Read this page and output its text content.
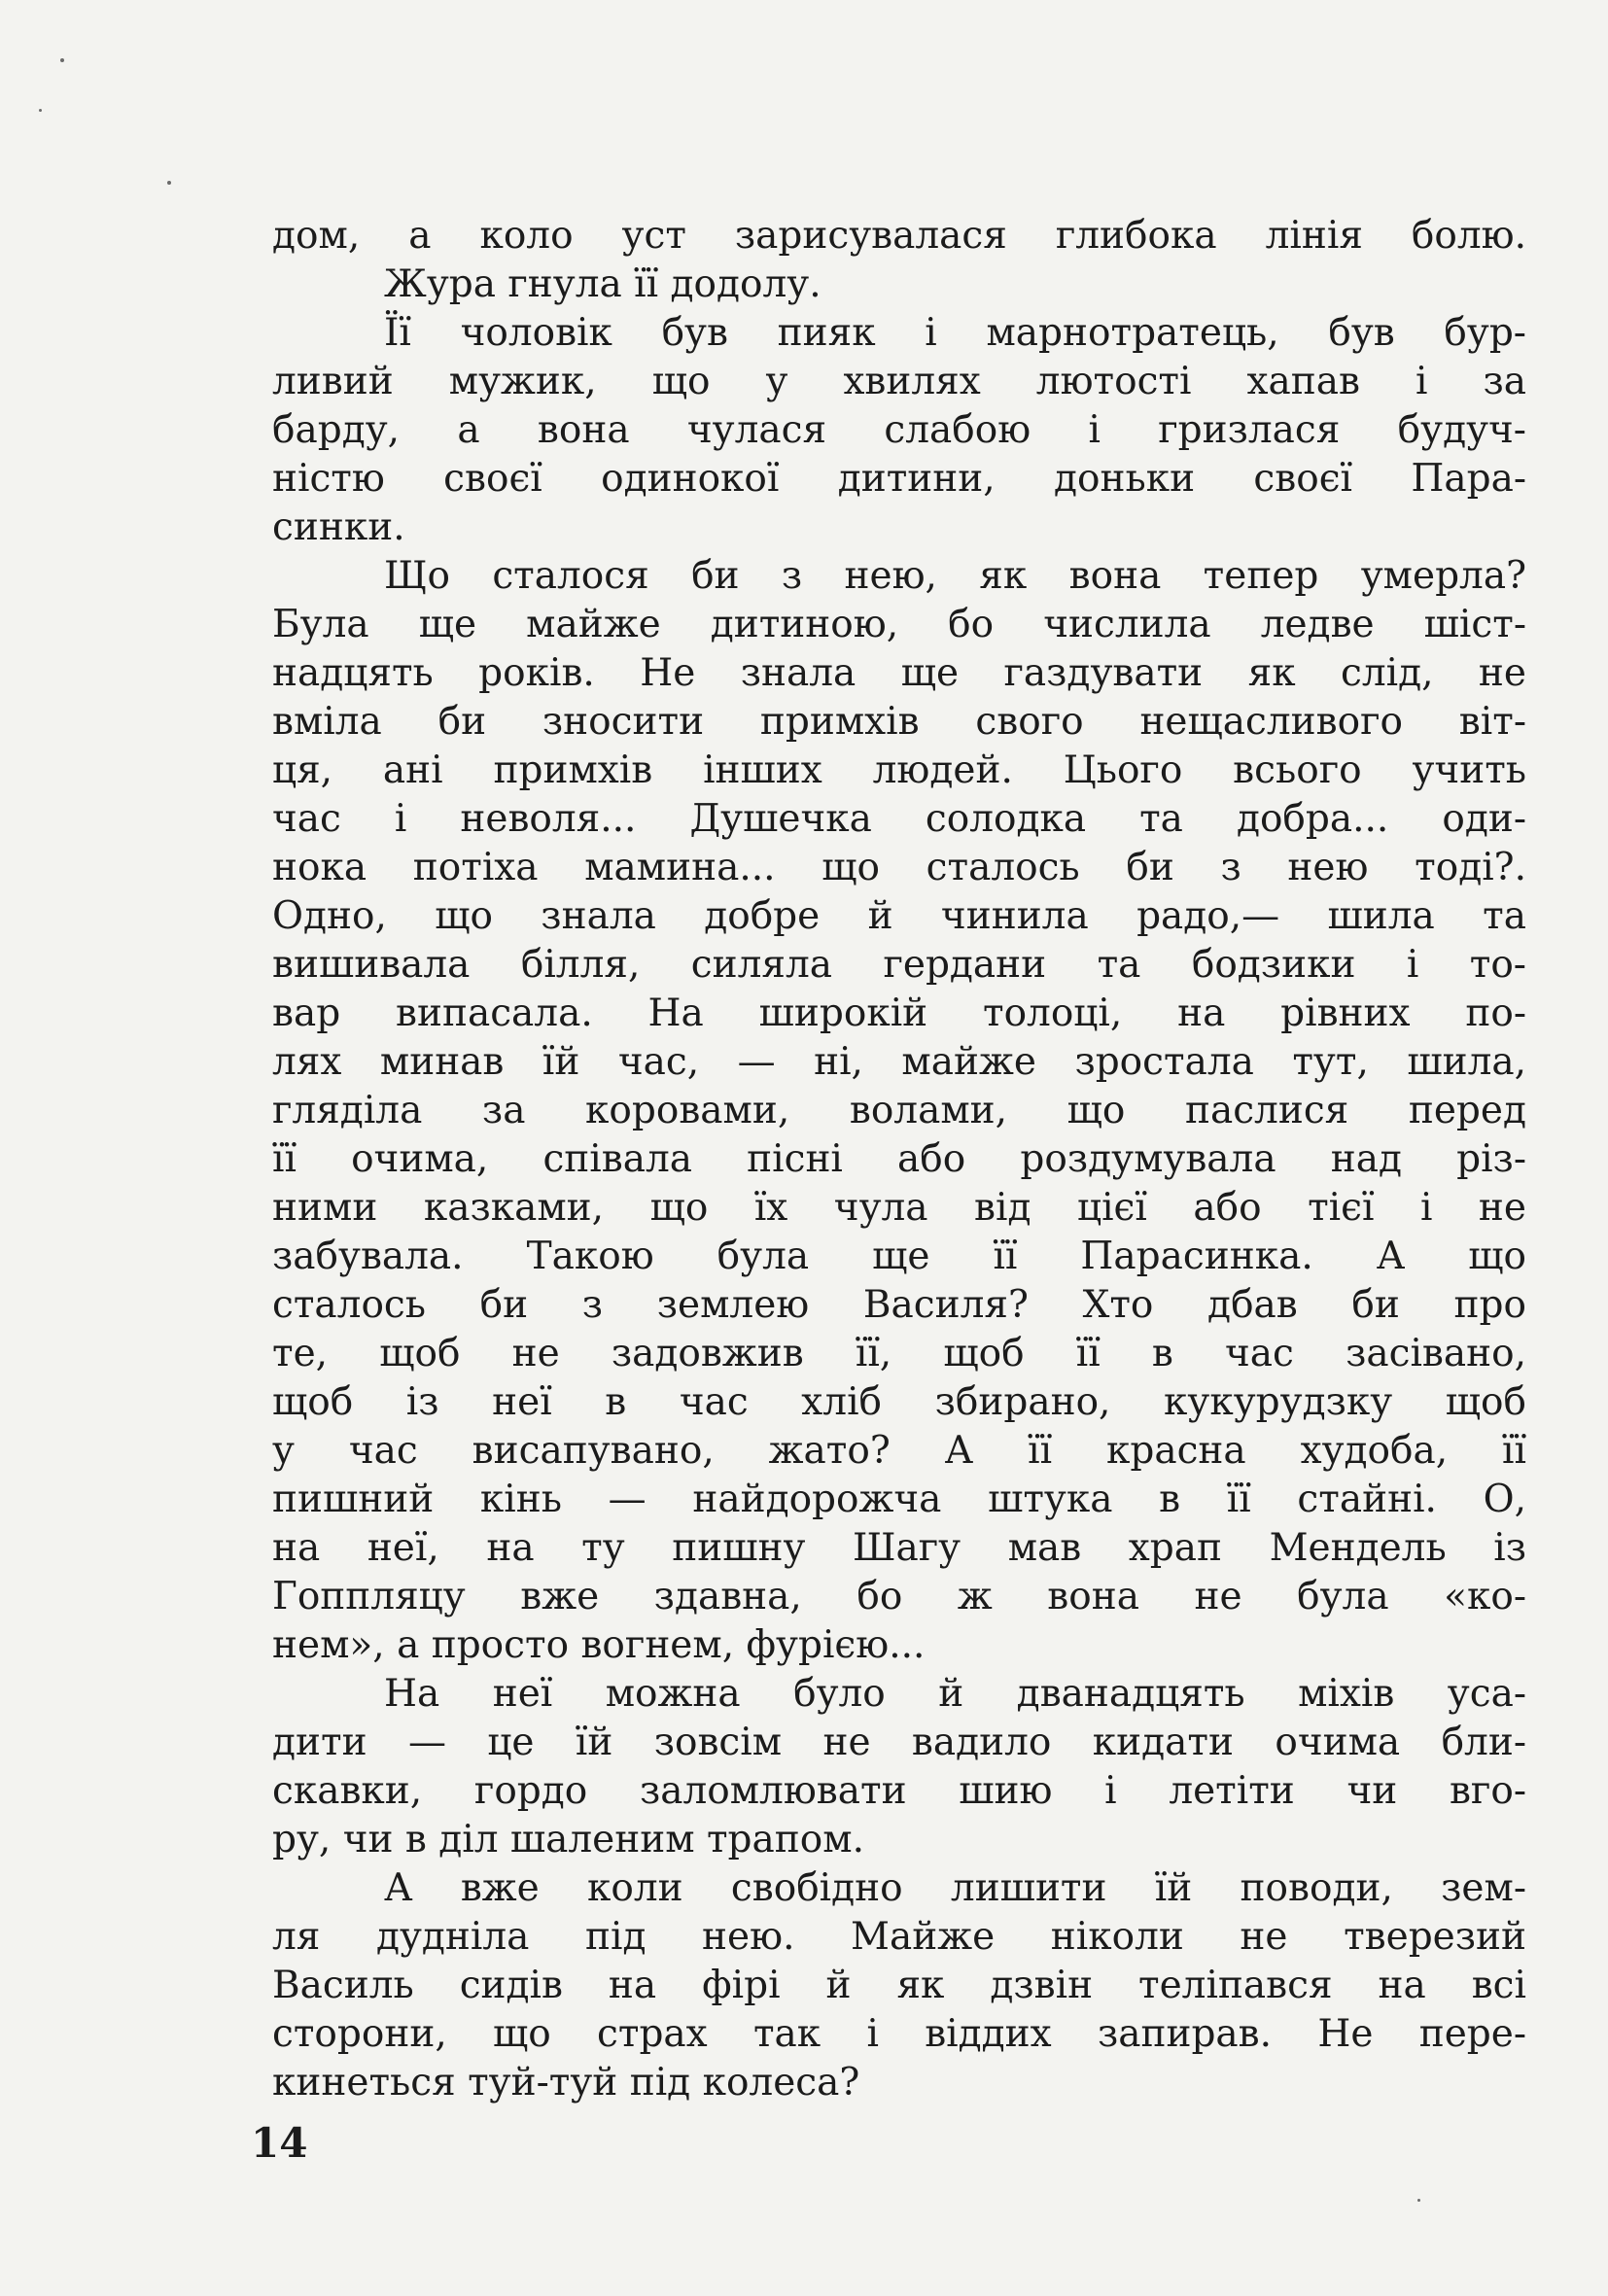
дом, а коло уст зарисувалася глибока лінія болю.
Жура гнула її додолу.
Її чоловік був пияк і марнотратець, був бур-
ливий мужик, що у хвилях лютості хапав і за
барду, а вона чулася слабою і гризлася будуч-
ністю своєї одинокої дитини, доньки своєї Пара-
синки.
Що сталося би з нею, як вона тепер умерла?
Була ще майже дитиною, бо числила ледве шіст-
надцять років. Не знала ще газдувати як слід, не
вміла би зносити примхів свого нещасливого віт-
ця, ані примхів інших людей. Цього всього учить
час і неволя... Душечка солодка та добра... оди-
нока потіха мамина... що сталось би з нею тоді?.
Одно, що знала добре й чинила радо,— шила та
вишивала білля, силяла гердани та бодзики і то-
вар випасала. На широкій толоці, на рівних по-
лях минав їй час, — ні, майже зростала тут, шила,
гляділа за коровами, волами, що паслися перед
її очима, співала пісні або роздумувала над різ-
ними казками, що їх чула від цієї або тієї і не
забувала. Такою була ще її Парасинка. А що
сталось би з землею Василя? Хто дбав би про
те, щоб не задовжив її, щоб її в час засівано,
щоб із неї в час хліб збирано, кукурудзку щоб
у час висапувано, жато? А її красна худоба, її
пишний кінь — найдорожча штука в її стайні. О,
на неї, на ту пишну Шагу мав храп Мендель із
Гоппляцу вже здавна, бо ж вона не була «ко-
нем», а просто вогнем, фурією...
На неї можна було й дванадцять міхів уса-
дити — це їй зовсім не вадило кидати очима бли-
скавки, гордо заломлювати шию і летіти чи вго-
ру, чи в діл шаленим трапом.
А вже коли свобідно лишити їй поводи, зем-
ля дудніла під нею. Майже ніколи не тверезий
Василь сидів на фірі й як дзвін теліпався на всі
сторони, що страх так і віддих запирав. Не пере-
кинеться туй-туй під колеса?
14
